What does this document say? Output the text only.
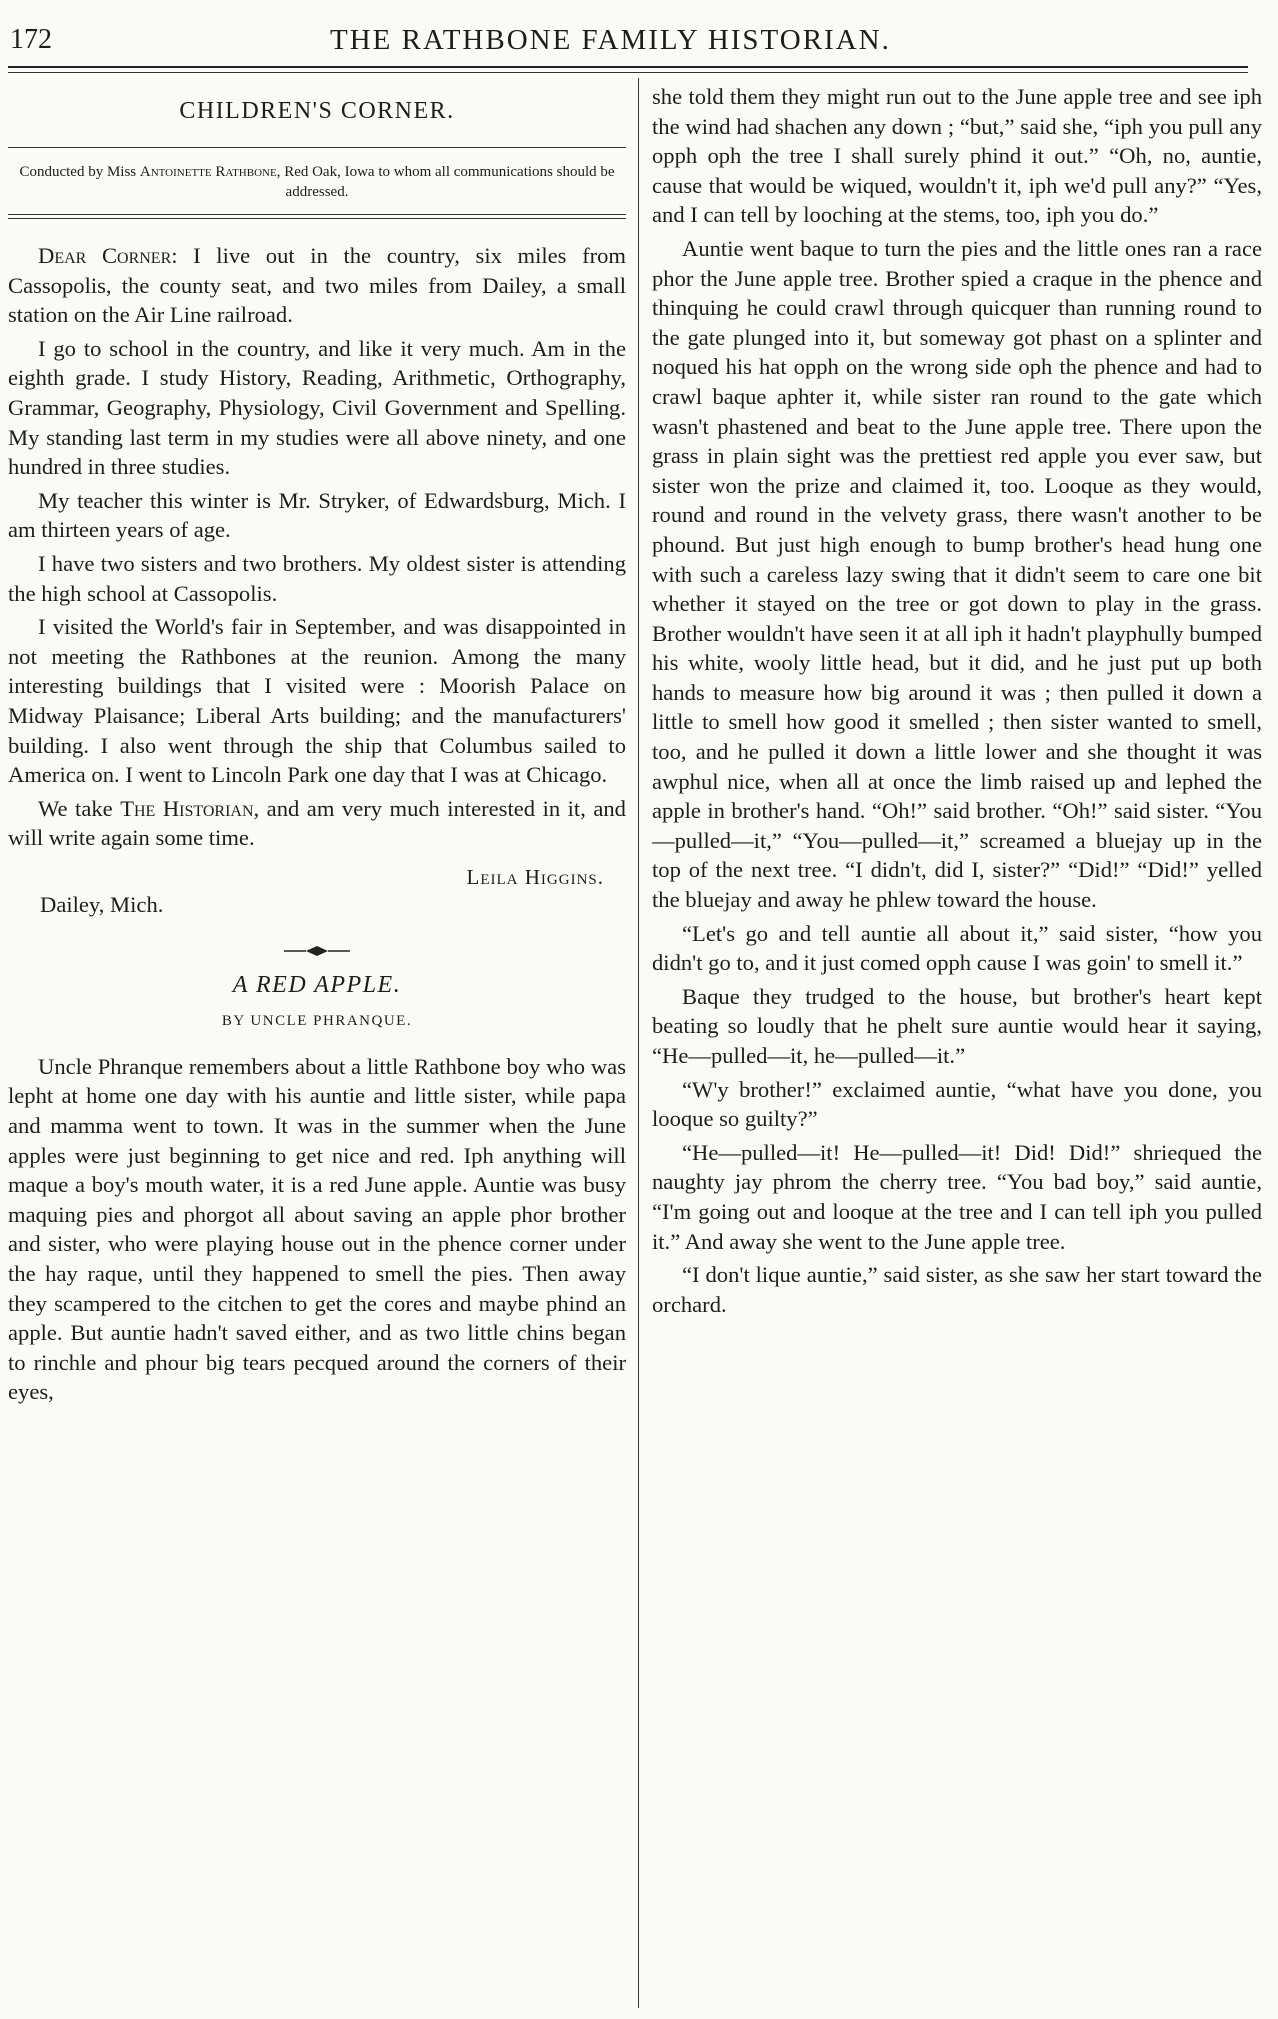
172	THE RATHBONE FAMILY HISTORIAN.
CHILDREN'S CORNER.
Conducted by Miss Antoinette Rathbone, Red Oak, Iowa to whom all communications should be addressed.

Dear Corner: I live out in the country, six miles from Cassopolis, the county seat, and two miles from Dailey, a small station on the Air Line railroad.

I go to school in the country, and like it very much. Am in the eighth grade. I study History, Reading, Arithmetic, Orthography, Grammar, Geography, Physiology, Civil Government and Spelling. My standing last term in my studies were all above ninety, and one hundred in three studies.

My teacher this winter is Mr. Stryker, of Edwardsburg, Mich. I am thirteen years of age.

I have two sisters and two brothers. My oldest sister is attending the high school at Cassopolis.

I visited the World's fair in September, and was disappointed in not meeting the Rathbones at the reunion. Among the many interesting buildings that I visited were : Moorish Palace on Midway Plaisance; Liberal Arts building; and the manufacturers' building. I also went through the ship that Columbus sailed to America on. I went to Lincoln Park one day that I was at Chicago.

We take The Historian, and am very much interested in it, and will write again some time.

Leila Higgins.
Dailey, Mich.
A RED APPLE.
BY UNCLE PHRANQUE.

Uncle Phranque remembers about a little Rathbone boy who was lepht at home one day with his auntie and little sister, while papa and mamma went to town. It was in the summer when the June apples were just beginning to get nice and red. Iph anything will maque a boy's mouth water, it is a red June apple. Auntie was busy maquing pies and phorgot all about saving an apple phor brother and sister, who were playing house out in the phence corner under the hay raque, until they happened to smell the pies. Then away they scampered to the citchen to get the cores and maybe phind an apple. But auntie hadn't saved either, and as two little chins began to rinchle and phour big tears pecqued around the corners of their eyes,

she told them they might run out to the June apple tree and see iph the wind had shachen any down ; “but,” said she, “iph you pull any opph oph the tree I shall surely phind it out.” “Oh, no, auntie, cause that would be wiqued, wouldn't it, iph we'd pull any?” “Yes, and I can tell by looching at the stems, too, iph you do.”

Auntie went baque to turn the pies and the little ones ran a race phor the June apple tree. Brother spied a craque in the phence and thinquing he could crawl through quicquer than running round to the gate plunged into it, but someway got phast on a splinter and noqued his hat opph on the wrong side oph the phence and had to crawl baque aphter it, while sister ran round to the gate which wasn't phastened and beat to the June apple tree. There upon the grass in plain sight was the prettiest red apple you ever saw, but sister won the prize and claimed it, too. Looque as they would, round and round in the velvety grass, there wasn't another to be phound. But just high enough to bump brother's head hung one with such a careless lazy swing that it didn't seem to care one bit whether it stayed on the tree or got down to play in the grass. Brother wouldn't have seen it at all iph it hadn't playphully bumped his white, wooly little head, but it did, and he just put up both hands to measure how big around it was ; then pulled it down a little to smell how good it smelled ; then sister wanted to smell, too, and he pulled it down a little lower and she thought it was awphul nice, when all at once the limb raised up and lephed the apple in brother's hand. “Oh!” said brother. “Oh!” said sister. “You—pulled—it,” “You—pulled—it,” screamed a bluejay up in the top of the next tree. “I didn't, did I, sister?” “Did!” “Did!” yelled the bluejay and away he phlew toward the house.

“Let's go and tell auntie all about it,” said sister, “how you didn't go to, and it just comed opph cause I was goin' to smell it.”

Baque they trudged to the house, but brother's heart kept beating so loudly that he phelt sure auntie would hear it saying, “He—pulled—it, he—pulled—it.”

“W'y brother!” exclaimed auntie, “what have you done, you looque so guilty?”

“He—pulled—it! He—pulled—it! Did! Did!” shriequed the naughty jay phrom the cherry tree. “You bad boy,” said auntie, “I'm going out and looque at the tree and I can tell iph you pulled it.” And away she went to the June apple tree.

“I don't lique auntie,” said sister, as she saw her start toward the orchard.
